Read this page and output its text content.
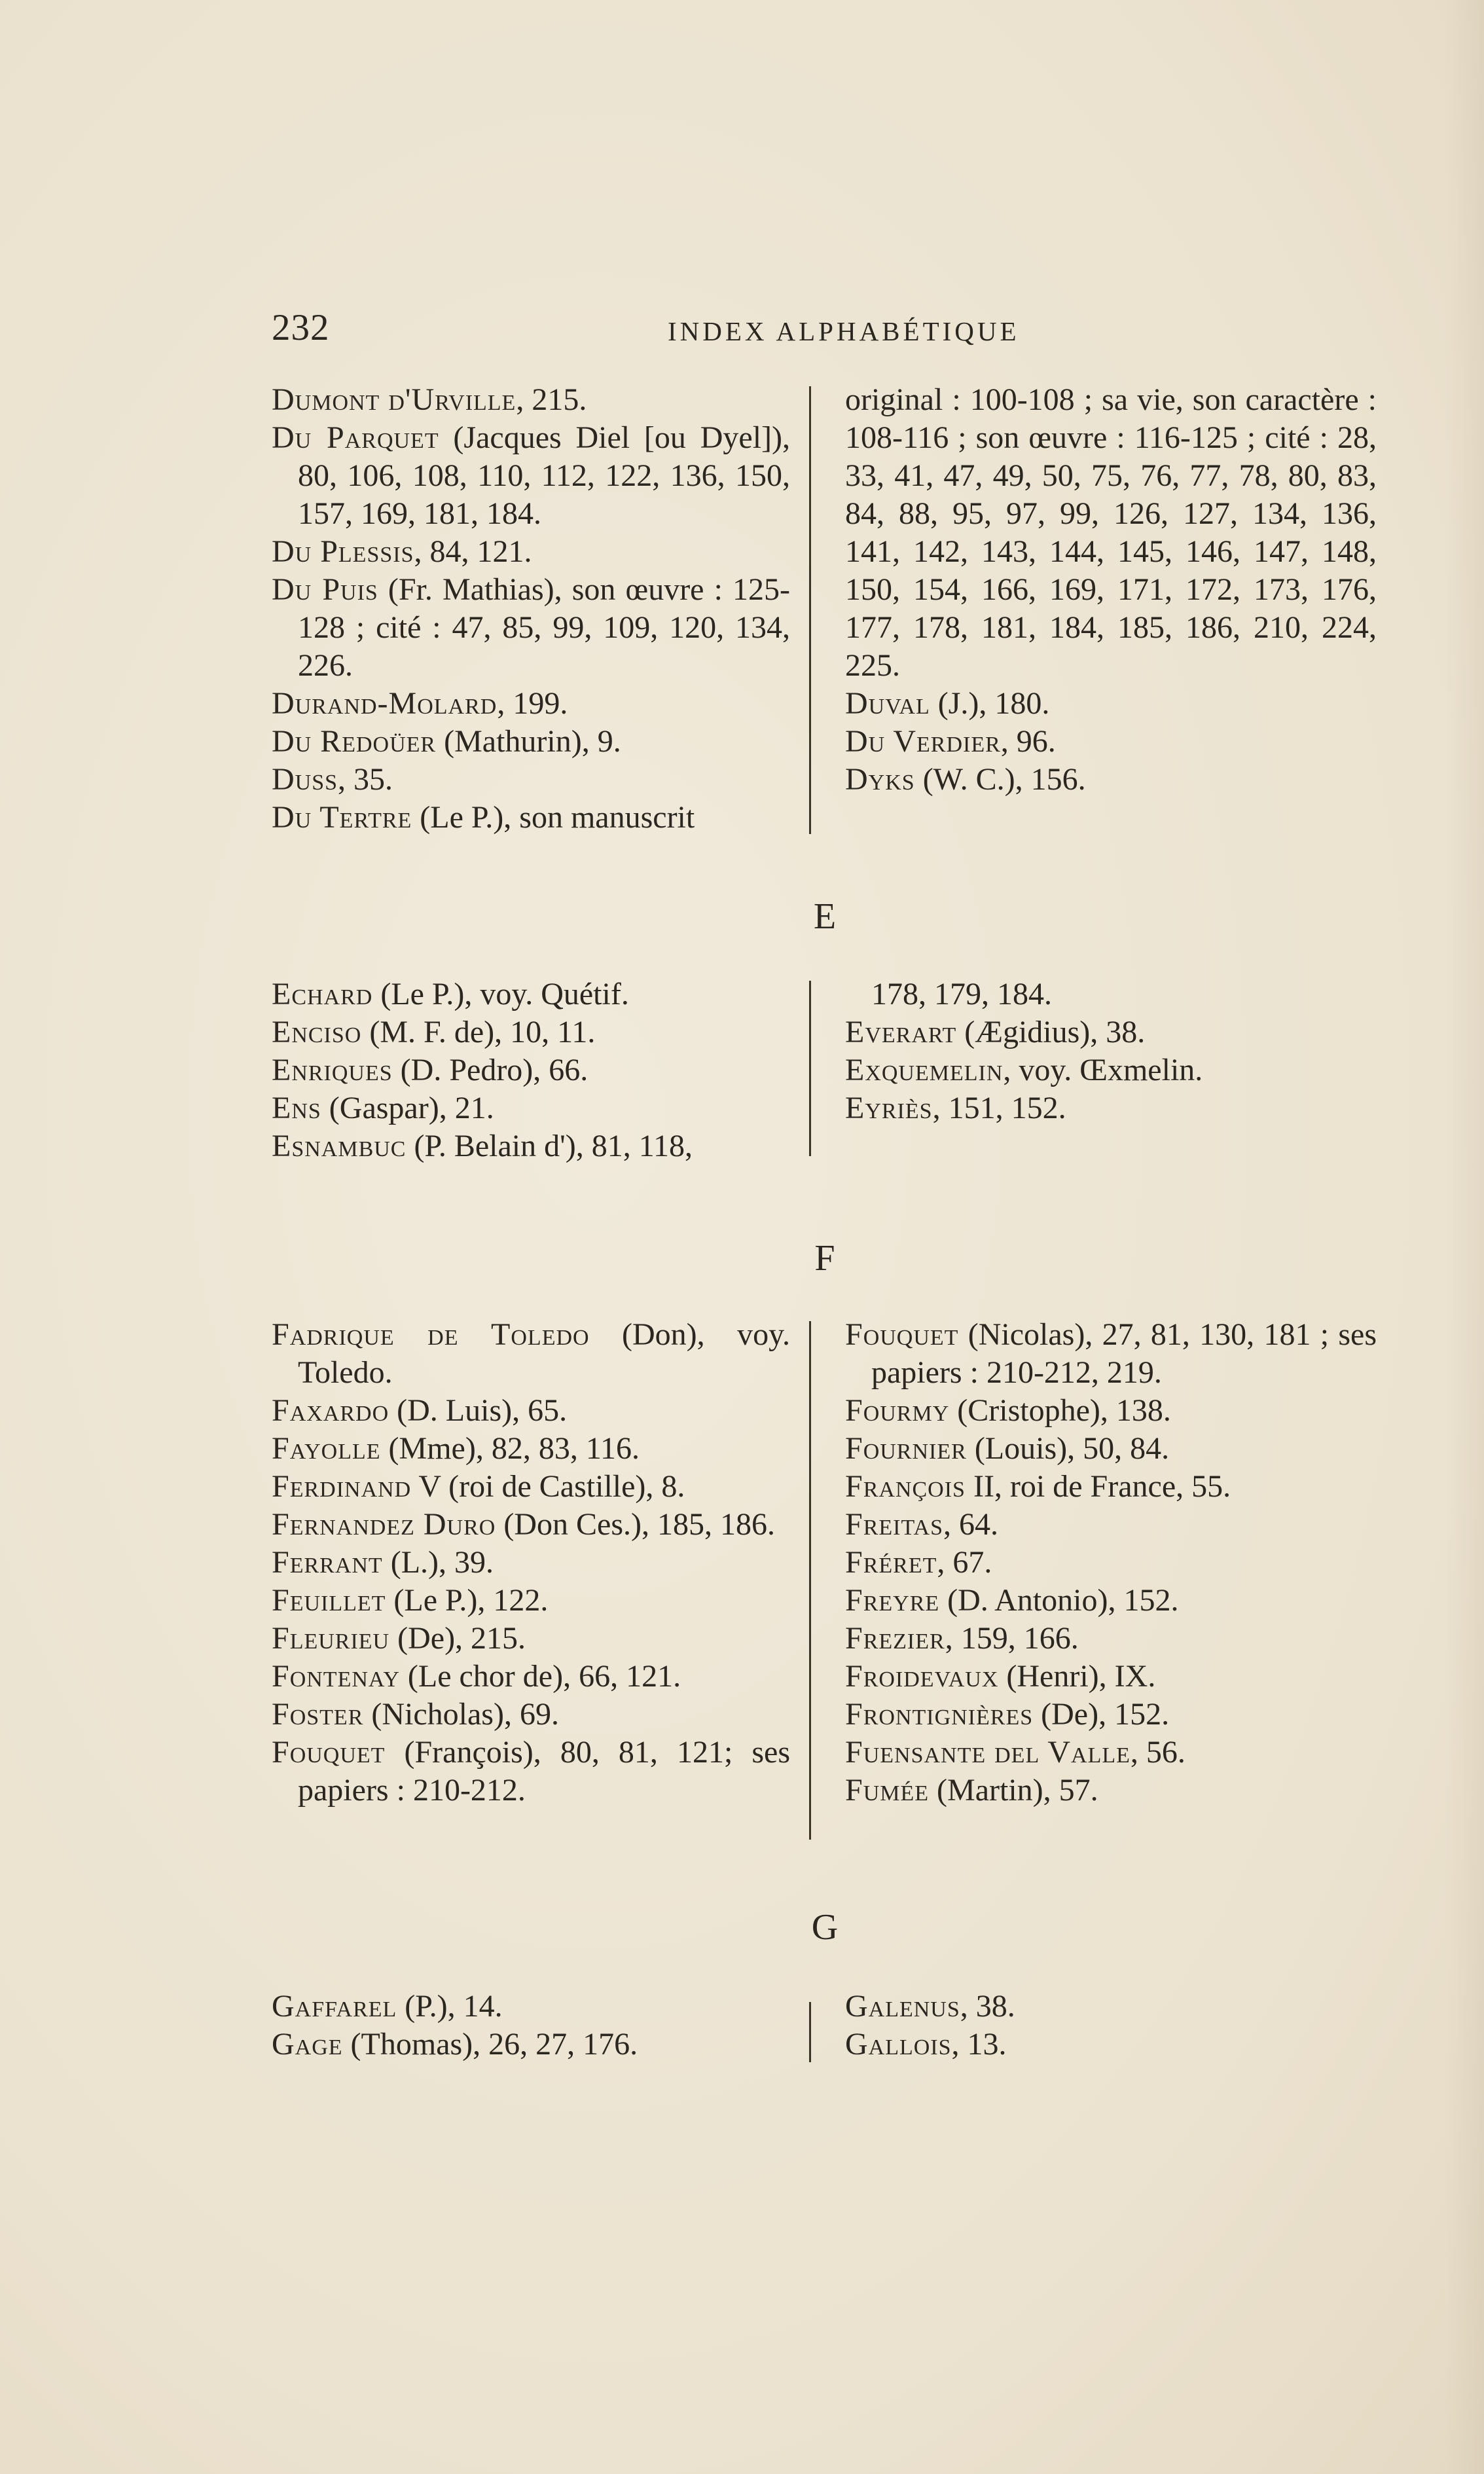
232	INDEX ALPHABÉTIQUE
Dumont d'Urville, 215.
Du Parquet (Jacques Diel [ou Dyel]), 80, 106, 108, 110, 112, 122, 136, 150, 157, 169, 181, 184.
Du Plessis, 84, 121.
Du Puis (Fr. Mathias), son œuvre : 125-128 ; cité : 47, 85, 99, 109, 120, 134, 226.
Durand-Molard, 199.
Du Redoüer (Mathurin), 9.
Duss, 35.
Du Tertre (Le P.), son manuscrit
original : 100-108 ; sa vie, son caractère : 108-116 ; son œuvre : 116-125 ; cité : 28, 33, 41, 47, 49, 50, 75, 76, 77, 78, 80, 83, 84, 88, 95, 97, 99, 126, 127, 134, 136, 141, 142, 143, 144, 145, 146, 147, 148, 150, 154, 166, 169, 171, 172, 173, 176, 177, 178, 181, 184, 185, 186, 210, 224, 225.
Duval (J.), 180.
Du Verdier, 96.
Dyks (W. C.), 156.
E
Echard (Le P.), voy. Quétif.
Enciso (M. F. de), 10, 11.
Enriques (D. Pedro), 66.
Ens (Gaspar), 21.
Esnambuc (P. Belain d'), 81, 118,
178, 179, 184.
Everart (Ægidius), 38.
Exquemelin, voy. Œxmelin.
Eyriès, 151, 152.
F
Fadrique de Toledo (Don), voy. Toledo.
Faxardo (D. Luis), 65.
Fayolle (Mme), 82, 83, 116.
Ferdinand V (roi de Castille), 8.
Fernandez Duro (Don Ces.), 185, 186.
Ferrant (L.), 39.
Feuillet (Le P.), 122.
Fleurieu (De), 215.
Fontenay (Le chor de), 66, 121.
Foster (Nicholas), 69.
Fouquet (François), 80, 81, 121; ses papiers : 210-212.
Fouquet (Nicolas), 27, 81, 130, 181 ; ses papiers : 210-212, 219.
Fourmy (Cristophe), 138.
Fournier (Louis), 50, 84.
François II, roi de France, 55.
Freitas, 64.
Fréret, 67.
Freyre (D. Antonio), 152.
Frezier, 159, 166.
Froidevaux (Henri), IX.
Frontignières (De), 152.
Fuensante del Valle, 56.
Fumée (Martin), 57.
G
Gaffarel (P.), 14.
Gage (Thomas), 26, 27, 176.
Galenus, 38.
Gallois, 13.
